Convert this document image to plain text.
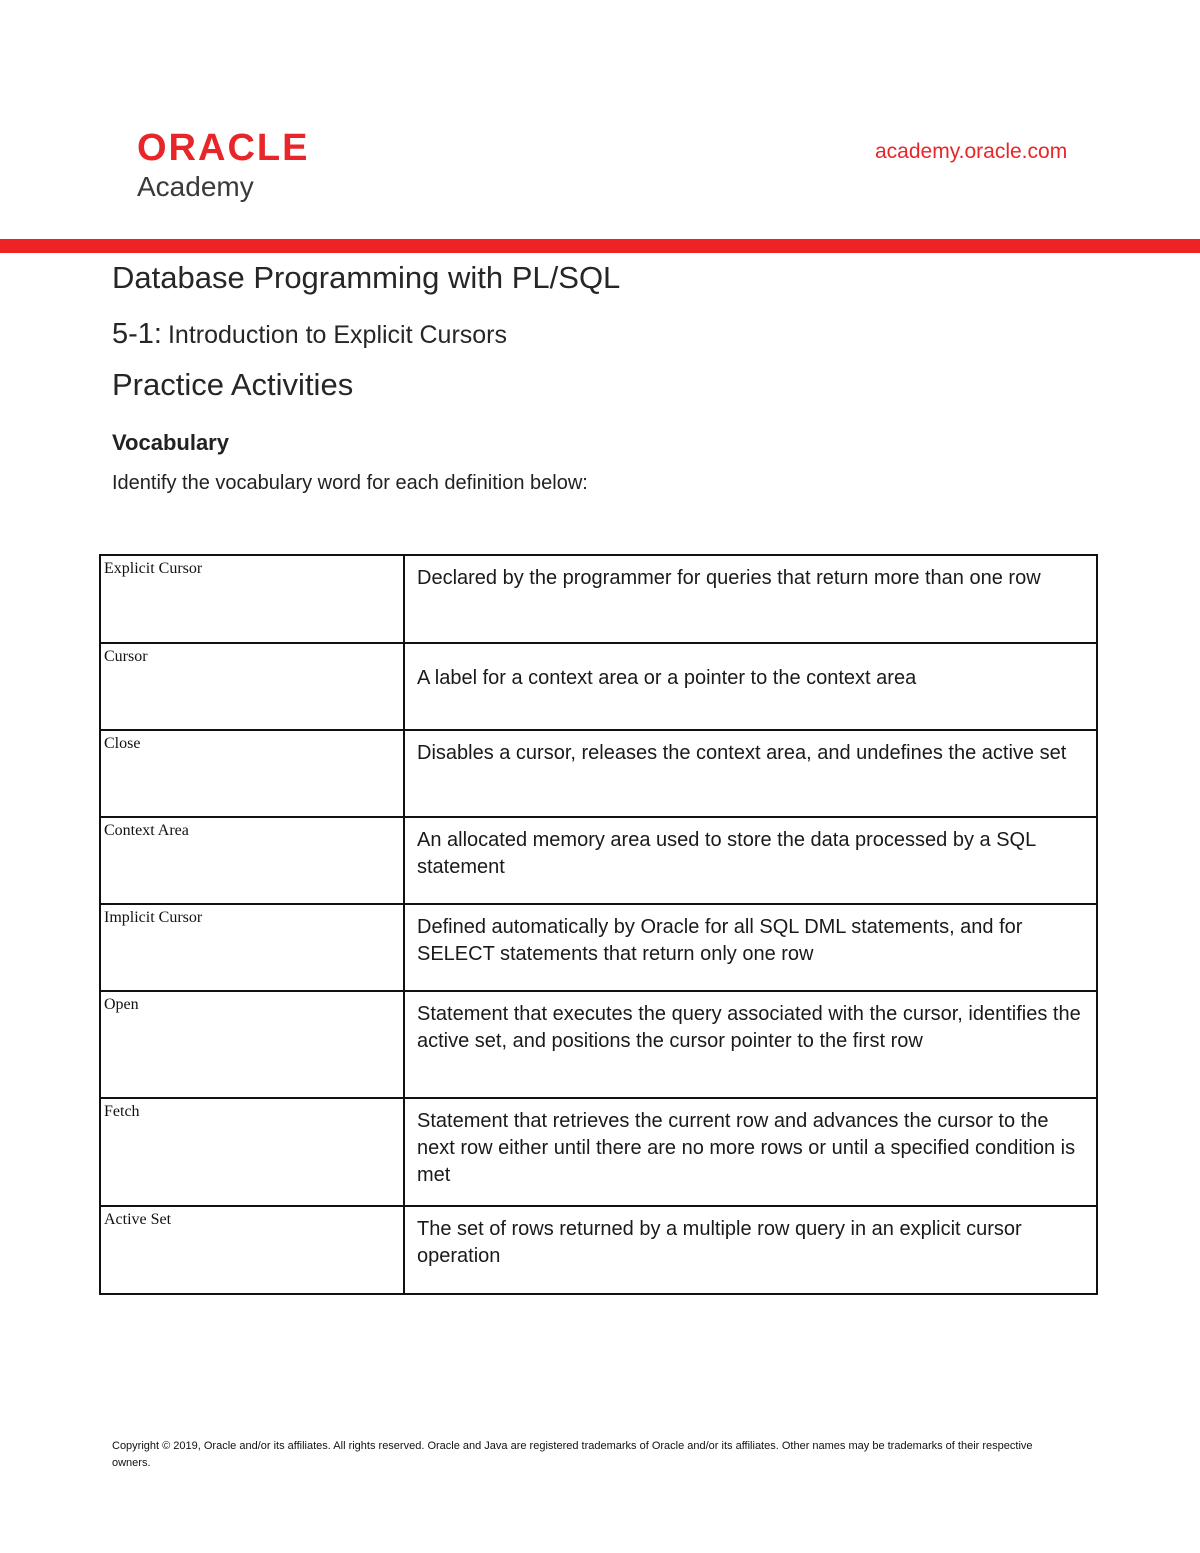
ORACLE
Academy
academy.oracle.com
Database Programming with PL/SQL
5-1: Introduction to Explicit Cursors
Practice Activities
Vocabulary
Identify the vocabulary word for each definition below:
Explicit Cursor	Declared by the programmer for queries that return more than one row
Cursor	A label for a context area or a pointer to the context area
Close	Disables a cursor, releases the context area, and undefines the active set
Context Area	An allocated memory area used to store the data processed by a SQL statement
Implicit Cursor	Defined automatically by Oracle for all SQL DML statements, and for SELECT statements that return only one row
Open	Statement that executes the query associated with the cursor, identifies the active set, and positions the cursor pointer to the first row
Fetch	Statement that retrieves the current row and advances the cursor to the next row either until there are no more rows or until a specified condition is met
Active Set	The set of rows returned by a multiple row query in an explicit cursor operation
Copyright © 2019, Oracle and/or its affiliates. All rights reserved. Oracle and Java are registered trademarks of Oracle and/or its affiliates. Other names may be trademarks of their respective owners.
